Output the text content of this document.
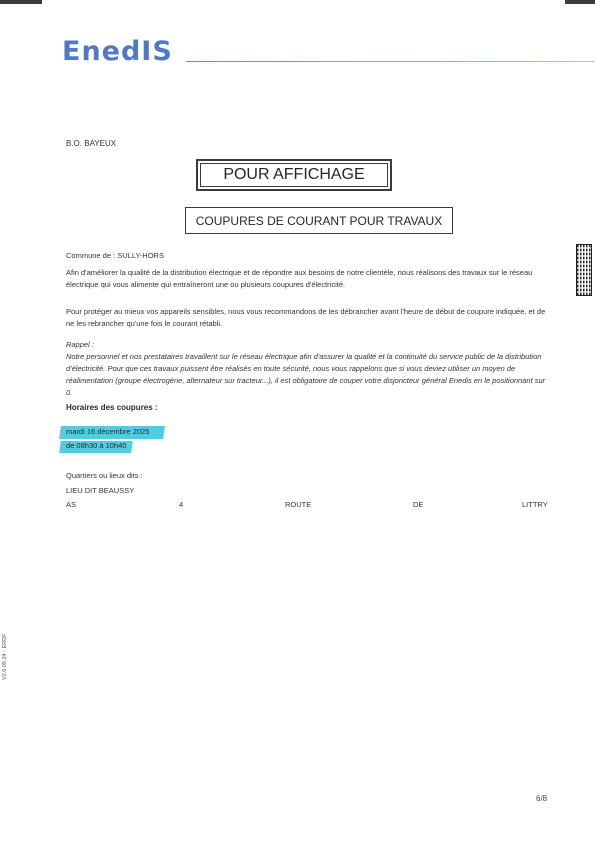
EnedIS
B.O. BAYEUX
POUR AFFICHAGE
COUPURES DE COURANT POUR TRAVAUX
Commune de : SULLY-HORS
Afin d'améliorer la qualité de la distribution électrique et de répondre aux besoins de notre clientèle, nous réalisons des travaux sur le réseau électrique qui vous alimente qui entraîneront une ou plusieurs coupures d'électricité.
Pour protéger au mieux vos appareils sensibles, nous vous recommandons de les débrancher avant l'heure de début de coupure indiquée, et de ne les rebrancher qu'une fois le courant rétabli.
Rappel :
Notre personnel et nos prestataires travaillent sur le réseau électrique afin d'assurer la qualité et la continuité du service public de la distribution d'électricité. Pour que ces travaux puissent être réalisés en toute sécurité, nous vous rappelons que si vous deviez utiliser un moyen de réalimentation (groupe électrogène, alternateur sur tracteur...), il est obligatoire de couper votre disjoncteur général Enedis en le positionnant sur 0.
Horaires des coupures :
mardi 16 décembre 2025
de 08h30 à 10h40
Quartiers ou lieux dits :
LIEU DIT BEAUSSY
AS	4	ROUTE	DE	LITTRY
V2.6.09.24 - ERDF
6/8
